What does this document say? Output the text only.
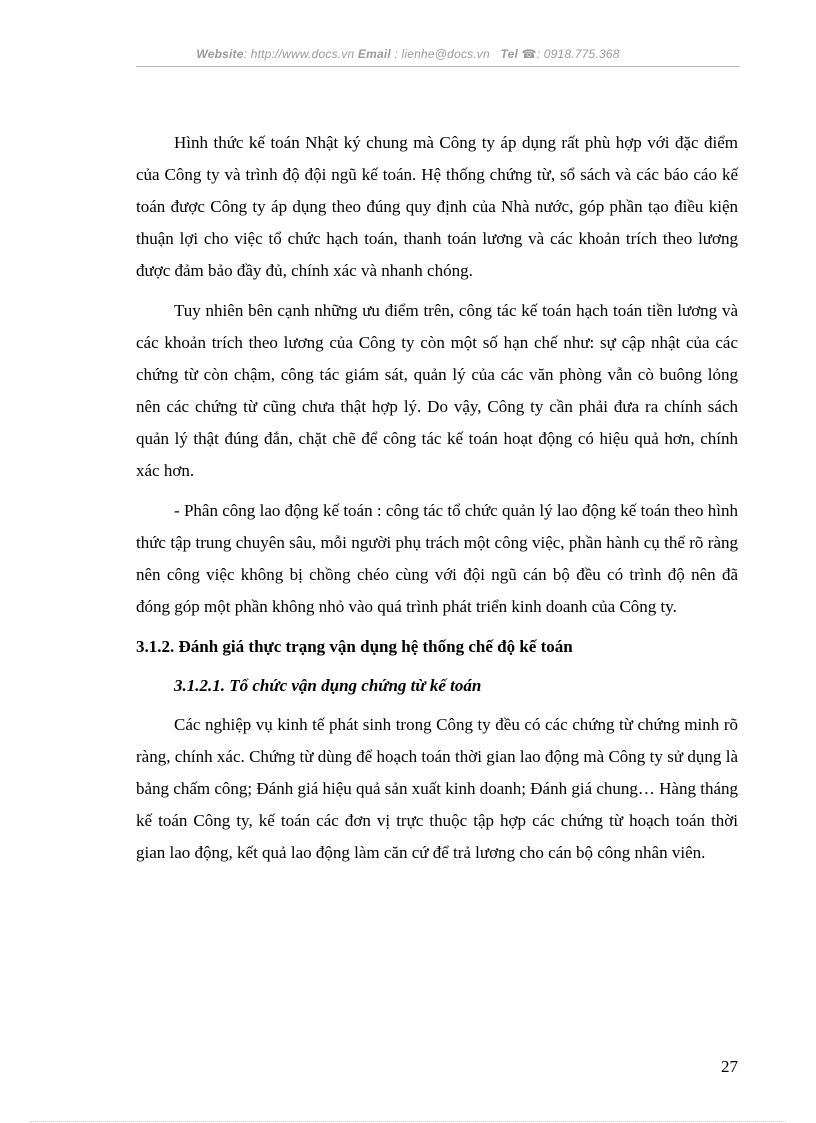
Website: http://www.docs.vn Email : lienhe@docs.vn Tel ☎: 0918.775.368

Hình thức kế toán Nhật ký chung mà Công ty áp dụng rất phù hợp với đặc điểm của Công ty và trình độ đội ngũ kế toán. Hệ thống chứng từ, sổ sách và các báo cáo kế toán được Công ty áp dụng theo đúng quy định của Nhà nước, góp phần tạo điều kiện thuận lợi cho việc tổ chức hạch toán, thanh toán lương và các khoản trích theo lương được đảm bảo đầy đủ, chính xác và nhanh chóng.

Tuy nhiên bên cạnh những ưu điểm trên, công tác kế toán hạch toán tiền lương và các khoản trích theo lương của Công ty còn một số hạn chế như: sự cập nhật của các chứng từ còn chậm, công tác giám sát, quản lý của các văn phòng vẫn cò buông lỏng nên các chứng từ cũng chưa thật hợp lý. Do vậy, Công ty cần phải đưa ra chính sách quản lý thật đúng đắn, chặt chẽ để công tác kế toán hoạt động có hiệu quả hơn, chính xác hơn.

- Phân công lao động kế toán : công tác tổ chức quản lý lao động kế toán theo hình thức tập trung chuyên sâu, mỗi người phụ trách một công việc, phần hành cụ thể rõ ràng nên công việc không bị chồng chéo cùng với đội ngũ cán bộ đều có trình độ nên đã đóng góp một phần không nhỏ vào quá trình phát triển kinh doanh của Công ty.

3.1.2. Đánh giá thực trạng vận dụng hệ thống chế độ kế toán

3.1.2.1. Tổ chức vận dụng chứng từ kế toán

Các nghiệp vụ kinh tế phát sinh trong Công ty đều có các chứng từ chứng minh rõ ràng, chính xác. Chứng từ dùng để hoạch toán thời gian lao động mà Công ty sử dụng là bảng chấm công; Đánh giá hiệu quả sản xuất kinh doanh; Đánh giá chung… Hàng tháng kế toán Công ty, kế toán các đơn vị trực thuộc tập hợp các chứng từ hoạch toán thời gian lao động, kết quả lao động làm căn cứ để trả lương cho cán bộ công nhân viên.

27
